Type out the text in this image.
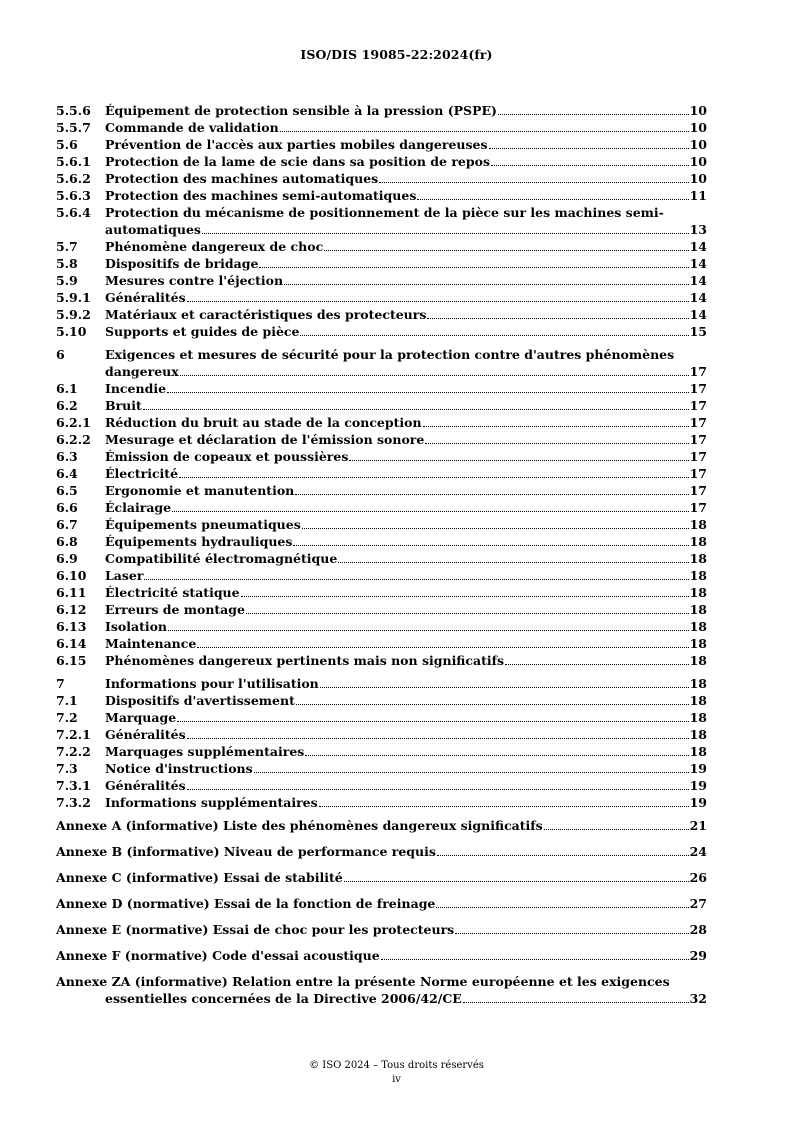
ISO/DIS 19085-22:2024(fr)
5.5.6 Équipement de protection sensible à la pression (PSPE)	10
5.5.7 Commande de validation	10
5.6 Prévention de l'accès aux parties mobiles dangereuses	10
5.6.1 Protection de la lame de scie dans sa position de repos	10
5.6.2 Protection des machines automatiques	10
5.6.3 Protection des machines semi-automatiques	11
5.6.4 Protection du mécanisme de positionnement de la pièce sur les machines semi-
automatiques	13
5.7 Phénomène dangereux de choc	14
5.8 Dispositifs de bridage	14
5.9 Mesures contre l'éjection	14
5.9.1 Généralités	14
5.9.2 Matériaux et caractéristiques des protecteurs	14
5.10 Supports et guides de pièce	15
6	Exigences et mesures de sécurité pour la protection contre d'autres phénomènes
dangereux	17
6.1 Incendie	17
6.2 Bruit	17
6.2.1 Réduction du bruit au stade de la conception	17
6.2.2 Mesurage et déclaration de l'émission sonore	17
6.3 Émission de copeaux et poussières	17
6.4 Électricité	17
6.5 Ergonomie et manutention	17
6.6 Éclairage	17
6.7 Équipements pneumatiques	18
6.8 Équipements hydrauliques	18
6.9 Compatibilité électromagnétique	18
6.10 Laser	18
6.11 Électricité statique	18
6.12 Erreurs de montage	18
6.13 Isolation	18
6.14 Maintenance	18
6.15 Phénomènes dangereux pertinents mais non significatifs	18
7	Informations pour l'utilisation	18
7.1 Dispositifs d'avertissement	18
7.2 Marquage	18
7.2.1 Généralités	18
7.2.2 Marquages supplémentaires	18
7.3 Notice d'instructions	19
7.3.1 Généralités	19
7.3.2 Informations supplémentaires	19
Annexe A (informative) Liste des phénomènes dangereux significatifs	21
Annexe B (informative) Niveau de performance requis	24
Annexe C (informative) Essai de stabilité	26
Annexe D (normative) Essai de la fonction de freinage	27
Annexe E (normative) Essai de choc pour les protecteurs	28
Annexe F (normative) Code d'essai acoustique	29
Annexe ZA (informative) Relation entre la présente Norme européenne et les exigences
essentielles concernées de la Directive 2006/42/CE	32
© ISO 2024 – Tous droits réservés
iv
